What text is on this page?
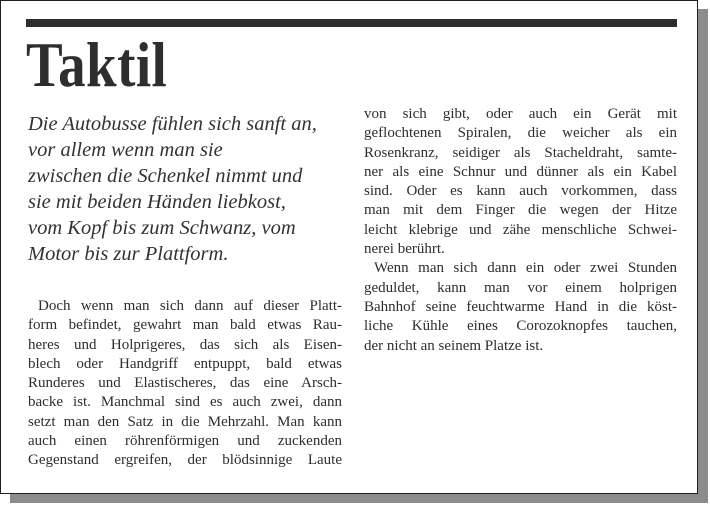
Taktil
Die Autobusse fühlen sich sanft an,
vor allem wenn man sie
zwischen die Schenkel nimmt und
sie mit beiden Händen liebkost,
vom Kopf bis zum Schwanz, vom
Motor bis zur Plattform.
Doch wenn man sich dann auf dieser Platt-
form befindet, gewahrt man bald etwas Rau-
heres und Holprigeres, das sich als Eisen-
blech oder Handgriff entpuppt, bald etwas
Runderes und Elastischeres, das eine Arsch-
backe ist. Manchmal sind es auch zwei, dann
setzt man den Satz in die Mehrzahl. Man kann
auch einen röhrenförmigen und zuckenden
Gegenstand ergreifen, der blödsinnige Laute
von sich gibt, oder auch ein Gerät mit
geflochtenen Spiralen, die weicher als ein
Rosenkranz, seidiger als Stacheldraht, samte-
ner als eine Schnur und dünner als ein Kabel
sind. Oder es kann auch vorkommen, dass
man mit dem Finger die wegen der Hitze
leicht klebrige und zähe menschliche Schwei-
nerei berührt.
Wenn man sich dann ein oder zwei Stunden
geduldet, kann man vor einem holprigen
Bahnhof seine feuchtwarme Hand in die köst-
liche Kühle eines Corozoknopfes tauchen,
der nicht an seinem Platze ist.
